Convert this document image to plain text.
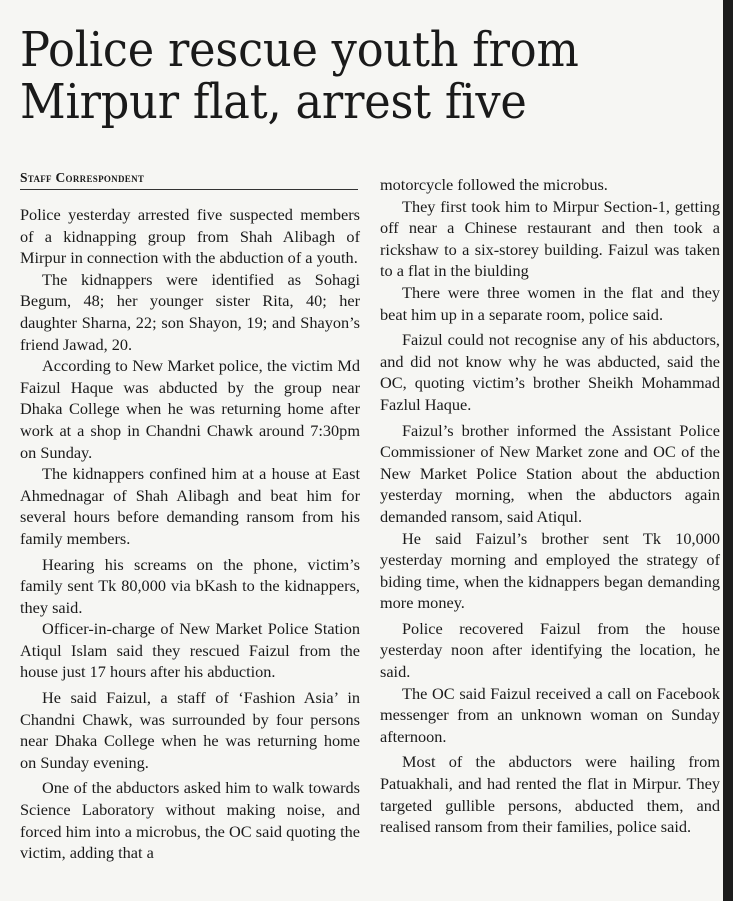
Police rescue youth from
Mirpur flat, arrest five
Staff Correspondent

Police yesterday arrested five suspected members of a kidnapping group from Shah Alibagh of Mirpur in connection with the abduction of a youth.

The kidnappers were identified as Sohagi Begum, 48; her younger sister Rita, 40; her daughter Sharna, 22; son Shayon, 19; and Shayon’s friend Jawad, 20.

According to New Market police, the victim Md Faizul Haque was abducted by the group near Dhaka College when he was returning home after work at a shop in Chandni Chawk around 7:30pm on Sunday.

The kidnappers confined him at a house at East Ahmednagar of Shah Alibagh and beat him for several hours before demanding ransom from his family members.

Hearing his screams on the phone, victim’s family sent Tk 80,000 via bKash to the kidnappers, they said.

Officer-in-charge of New Market Police Station Atiqul Islam said they rescued Faizul from the house just 17 hours after his abduction.

He said Faizul, a staff of ‘Fashion Asia’ in Chandni Chawk, was surrounded by four persons near Dhaka College when he was returning home on Sunday evening.

One of the abductors asked him to walk towards Science Laboratory without making noise, and forced him into a microbus, the OC said quoting the victim, adding that a

motorcycle followed the microbus.

They first took him to Mirpur Section-1, getting off near a Chinese restaurant and then took a rickshaw to a six-storey building. Faizul was taken to a flat in the biulding

There were three women in the flat and they beat him up in a separate room, police said.

Faizul could not recognise any of his abductors, and did not know why he was abducted, said the OC, quoting victim’s brother Sheikh Mohammad Fazlul Haque.

Faizul’s brother informed the Assistant Police Commissioner of New Market zone and OC of the New Market Police Station about the abduction yesterday morning, when the abductors again demanded ransom, said Atiqul.

He said Faizul’s brother sent Tk 10,000 yesterday morning and employed the strategy of biding time, when the kidnappers began demanding more money.

Police recovered Faizul from the house yesterday noon after identifying the location, he said.

The OC said Faizul received a call on Facebook messenger from an unknown woman on Sunday afternoon.

Most of the abductors were hailing from Patuakhali, and had rented the flat in Mirpur. They targeted gullible persons, abducted them, and realised ransom from their families, police said.
